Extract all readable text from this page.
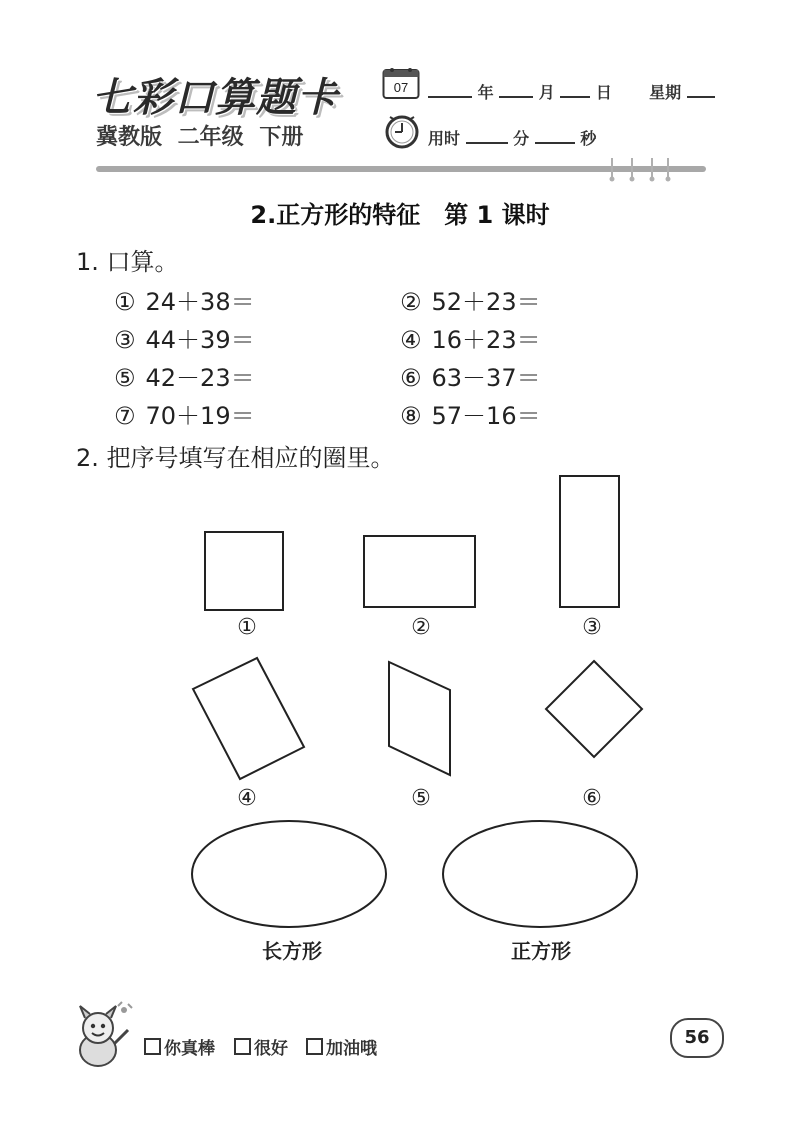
七彩口算题卡
冀教版 二年级 下册
07	年	月	日 星期
用时	分	秒
2.正方形的特征　第 1 课时
1. 口算。
① 24＋38＝	② 52＋23＝
③ 44＋39＝	④ 16＋23＝
⑤ 42－23＝	⑥ 63－37＝
⑦ 70＋19＝	⑧ 57－16＝
2. 把序号填写在相应的圈里。
①	②	③
④	⑤	⑥
长方形	正方形
你真棒	很好	加油哦
56
